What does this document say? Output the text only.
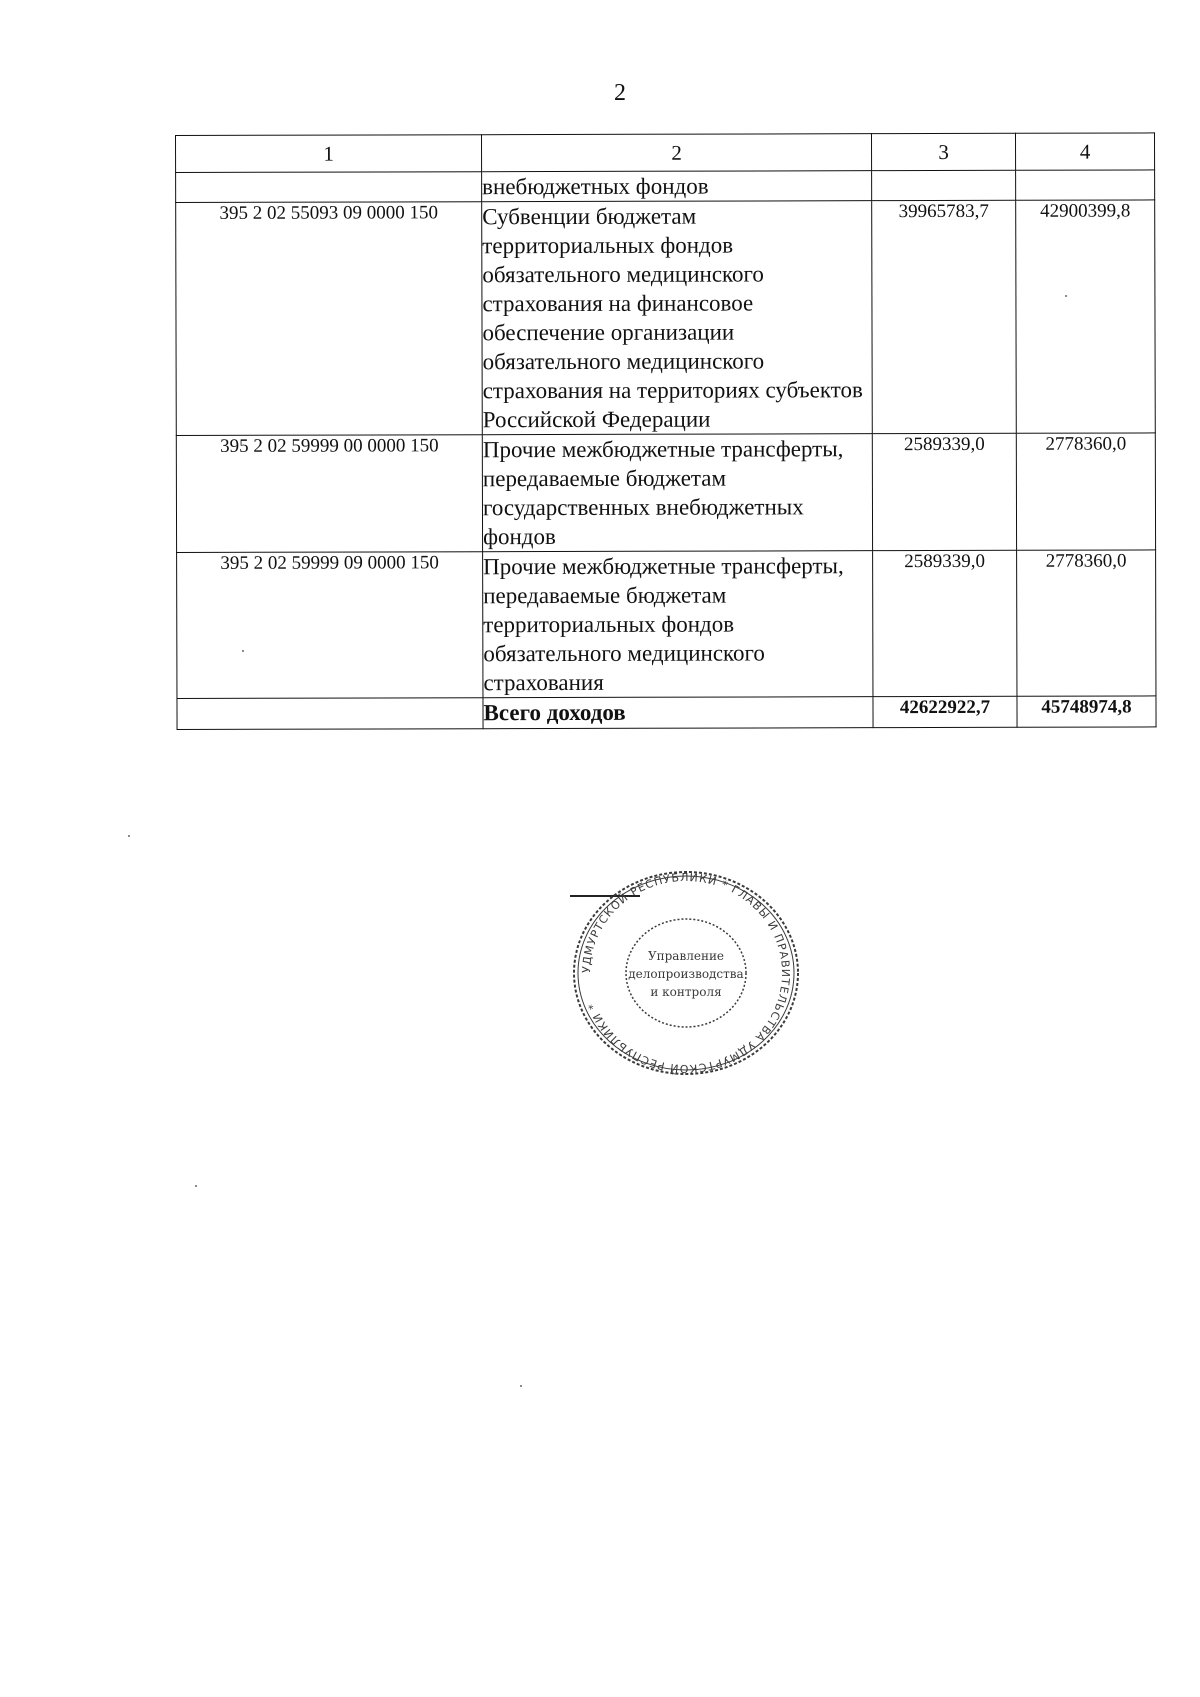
2
1	2	3	4
	внебюджетных фондов		
395 2 02 55093 09 0000 150	Субвенции бюджетам территориальных фондов обязательного медицинского страхования на финансовое обеспечение организации обязательного медицинского страхования на территориях субъектов Российской Федерации	39965783,7	42900399,8
395 2 02 59999 00 0000 150	Прочие межбюджетные трансферты, передаваемые бюджетам государственных внебюджетных фондов	2589339,0	2778360,0
395 2 02 59999 09 0000 150	Прочие межбюджетные трансферты, передаваемые бюджетам территориальных фондов обязательного медицинского страхования	2589339,0	2778360,0
	Всего доходов	42622922,7	45748974,8
УДМУРТСКОЙ РЕСПУБЛИКИ * ГЛАВЫ И ПРАВИТЕЛЬСТВА УДМУРТСКОЙ РЕСПУБЛИКИ *
Управление
делопроизводства
и контроля
